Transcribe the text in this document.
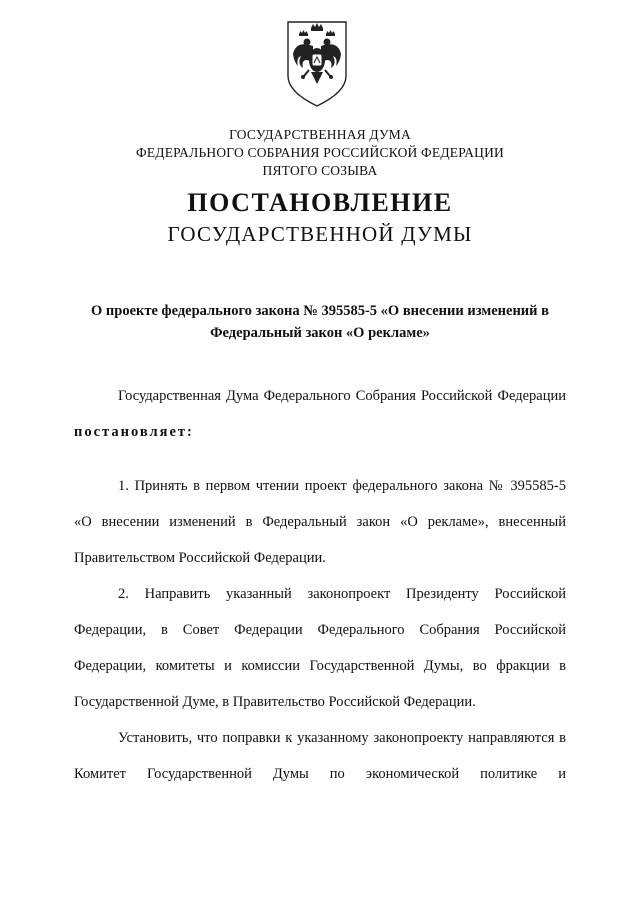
ГОСУДАРСТВЕННАЯ ДУМА
ФЕДЕРАЛЬНОГО СОБРАНИЯ РОССИЙСКОЙ ФЕДЕРАЦИИ
ПЯТОГО СОЗЫВА
ПОСТАНОВЛЕНИЕ
ГОСУДАРСТВЕННОЙ ДУМЫ
О проекте федерального закона № 395585-5 «О внесении изменений в
Федеральный закон «О рекламе»
Государственная Дума Федерального Собрания Российской Федерации постановляет:
1. Принять в первом чтении проект федерального закона № 395585-5 «О внесении изменений в Федеральный закон «О рекламе», внесенный Правительством Российской Федерации.
2. Направить указанный законопроект Президенту Российской Федерации, в Совет Федерации Федерального Собрания Российской Федерации, комитеты и комиссии Государственной Думы, во фракции в Государственной Думе, в Правительство Российской Федерации.
Установить, что поправки к указанному законопроекту направляются в Комитет Государственной Думы по экономической политике и
